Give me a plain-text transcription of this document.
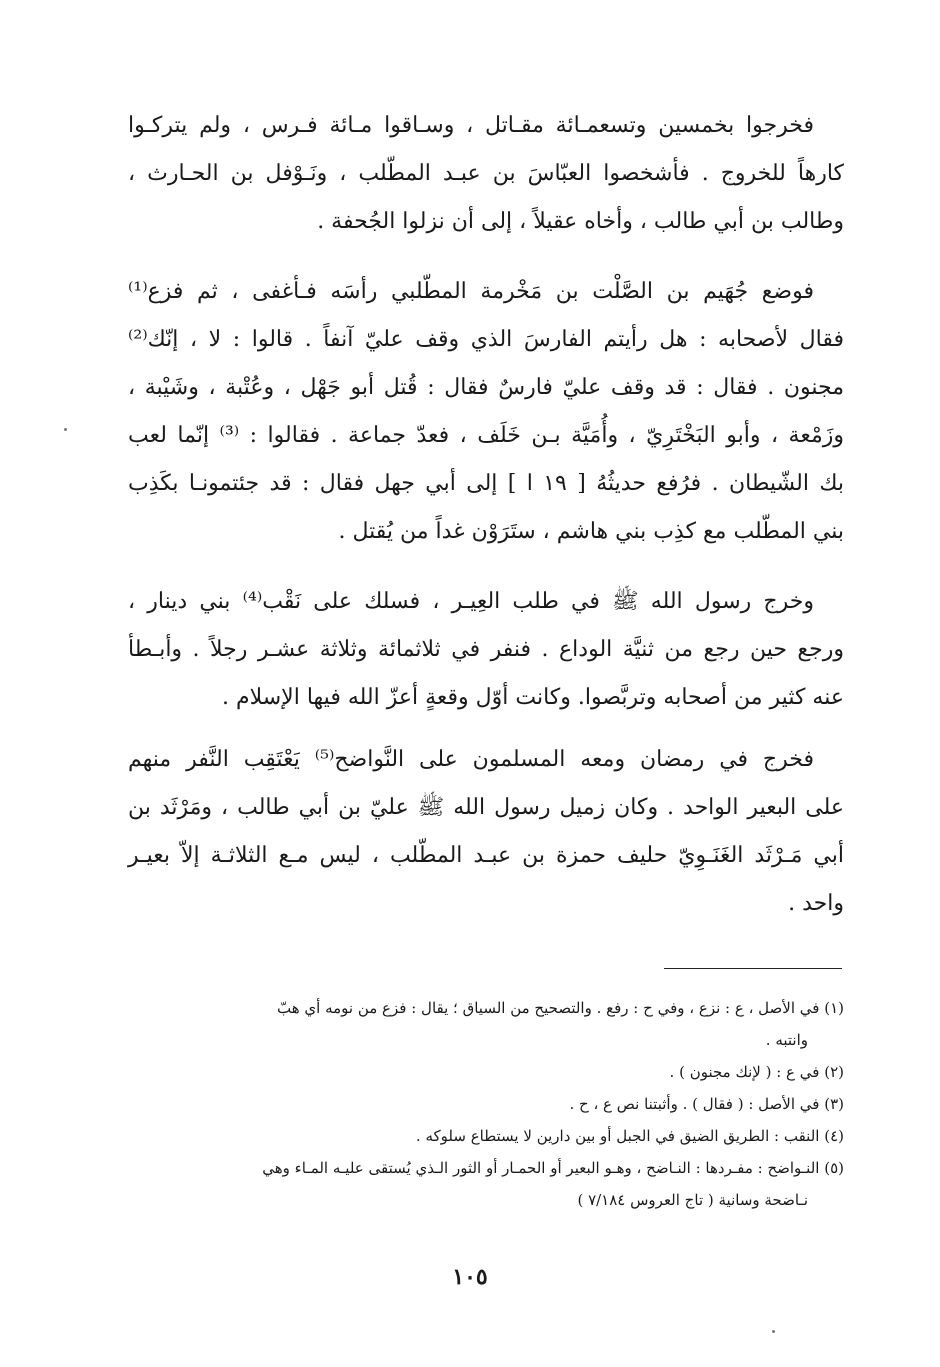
فخرجوا بخمسين وتسعمـائة مقـاتل ، وسـاقوا مـائة فـرس ، ولم يتركـوا
كارهاً للخروج . فأشخصوا العبّاسَ بن عبـد المطّلب ، ونَـوْفل بن الحـارث ،
وطالب بن أبي طالب ، وأخاه عقيلاً ، إلى أن نزلوا الجُحفة .

فوضع جُهَيم بن الصَّلْت بن مَخْرمة المطّلبي رأسَه فـأغفى ، ثم فزع⁽¹⁾
فقال لأصحابه : هل رأيتم الفارسَ الذي وقف عليّ آنفاً . قالوا : لا ، إنّك⁽²⁾
مجنون . فقال : قد وقف عليّ فارسٌ فقال : قُتل أبو جَهْل ، وعُتْبة ، وشَيْبة ،
وزَمْعة ، وأبو البَخْتَرِيّ ، وأُمَيَّة بـن خَلَف ، فعدّ جماعة . فقالوا : ⁽³⁾ إنّما لعب
بك الشّيطان . فرُفع حديثُهُ [ ١٩ ا ] إلى أبي جهل فقال : قد جئتمونـا بكَذِب
بني المطّلب مع كذِب بني هاشم ، ستَرَوْن غداً من يُقتل .

وخرج رسول الله ﷺ في طلب العِيـر ، فسلك على نَقْب⁽⁴⁾ بني دينار ،
ورجع حين رجع من ثنيَّة الوداع . فنفر في ثلاثمائة وثلاثة عشـر رجلاً . وأبـطأ
عنه كثير من أصحابه وتربَّصوا. وكانت أوّل وقعةٍ أعزّ الله فيها الإسلام .

فخرج في رمضان ومعه المسلمون على النَّواضح⁽⁵⁾ يَعْتَقِب النَّفر منهم
على البعير الواحد . وكان زميل رسول الله ﷺ عليّ بن أبي طالب ، ومَرْثَد بن
أبي مَـرْثَد الغَنَـوِيّ حليف حمزة بن عبـد المطّلب ، ليس مـع الثلاثـة إلاّ بعيـر
واحد .

(١) في الأصل ، ع : نزع ، وفي ح : رفع . والتصحيح من السياق ؛ يقال : فزع من نومه أي هبّ
وانتبه .
(٢) في ع : ( لإنك مجنون ) .
(٣) في الأصل : ( فقال ) . وأثبتنا نص ع ، ح .
(٤) النقب : الطريق الضيق في الجبل أو بين دارين لا يستطاع سلوكه .
(٥) النـواضح : مفـردها : النـاضح ، وهـو البعير أو الحمـار أو الثور الـذي يُستقى عليـه المـاء وهي
نـاضحة وسانية ( تاج العروس ٧/١٨٤ )
١٠٥
